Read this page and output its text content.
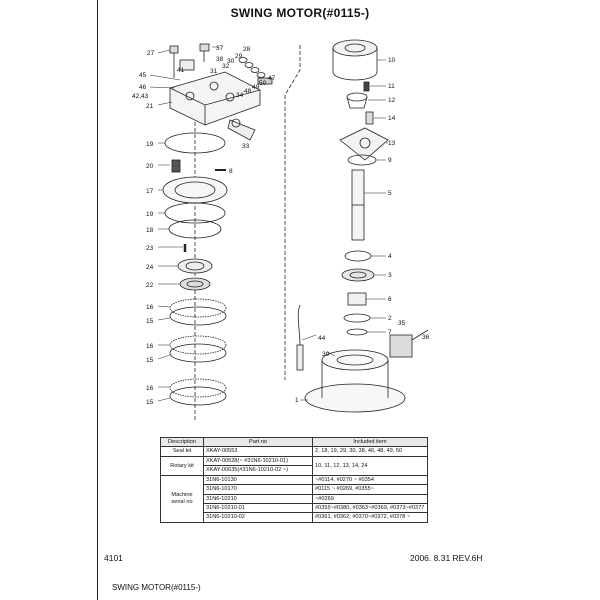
SWING MOTOR(#0115-)
27
37
38
28
29
30
31
32
41
45
46
42,43
21
47
50
49
48
34
33
19
20
8
17
19
18
23
24
22
16
15
16
15
16
15
10
11
12
14
13
9
5
4
3
6
2
7
35
36
44
39
1
Description	Part no	Included item
Seal kit	XKAY-00553	2, 18, 19, 29, 30, 38, 46, 48, 49, 50
Rotary kit	XKAY-00528(~ #31N6-10210-01)	10, 11, 12, 13, 14, 24
	XKAY-00635(#31N6-10210-02 ~)	
Machine
serial no	31N6-10130	~#0114, #0270 ~ #0354
	31N6-10170	#0115 ~ #0269, #0355~
	31N6-10210	~#0269
	31N6-10210-01	#0355~#0380, #0363~#0369, #0373~#0377
	31N6-10210-02	#0361, #0362, #0370~#0372, #0378 ~
4101	2006. 8.31 REV.6H
SWING MOTOR(#0115-)
